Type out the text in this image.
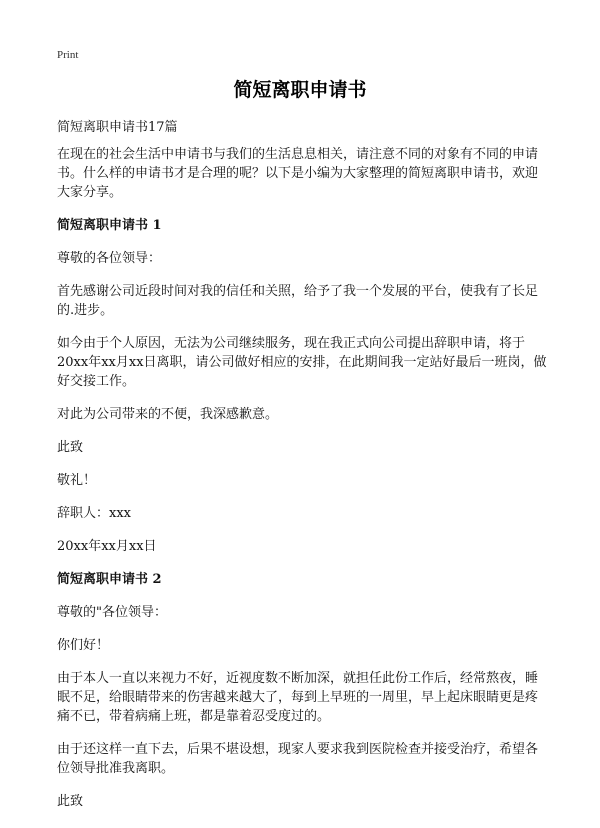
Print
简短离职申请书

简短离职申请书17篇

在现在的社会生活中申请书与我们的生活息息相关，请注意不同的对象有不同的申请书。什么样的申请书才是合理的呢？以下是小编为大家整理的简短离职申请书，欢迎大家分享。

简短离职申请书 1

尊敬的各位领导：

首先感谢公司近段时间对我的信任和关照，给予了我一个发展的平台，使我有了长足的.进步。

如今由于个人原因，无法为公司继续服务，现在我正式向公司提出辞职申请，将于20xx年xx月xx日离职，请公司做好相应的安排，在此期间我一定站好最后一班岗，做好交接工作。

对此为公司带来的不便，我深感歉意。

此致

敬礼！

辞职人：xxx

20xx年xx月xx日

简短离职申请书 2

尊敬的"各位领导：

你们好！

由于本人一直以来视力不好，近视度数不断加深，就担任此份工作后，经常熬夜，睡眠不足，给眼睛带来的伤害越来越大了，每到上早班的一周里，早上起床眼睛更是疼痛不已，带着病痛上班，都是靠着忍受度过的。

由于还这样一直下去，后果不堪设想，现家人要求我到医院检查并接受治疗，希望各位领导批准我离职。

此致
